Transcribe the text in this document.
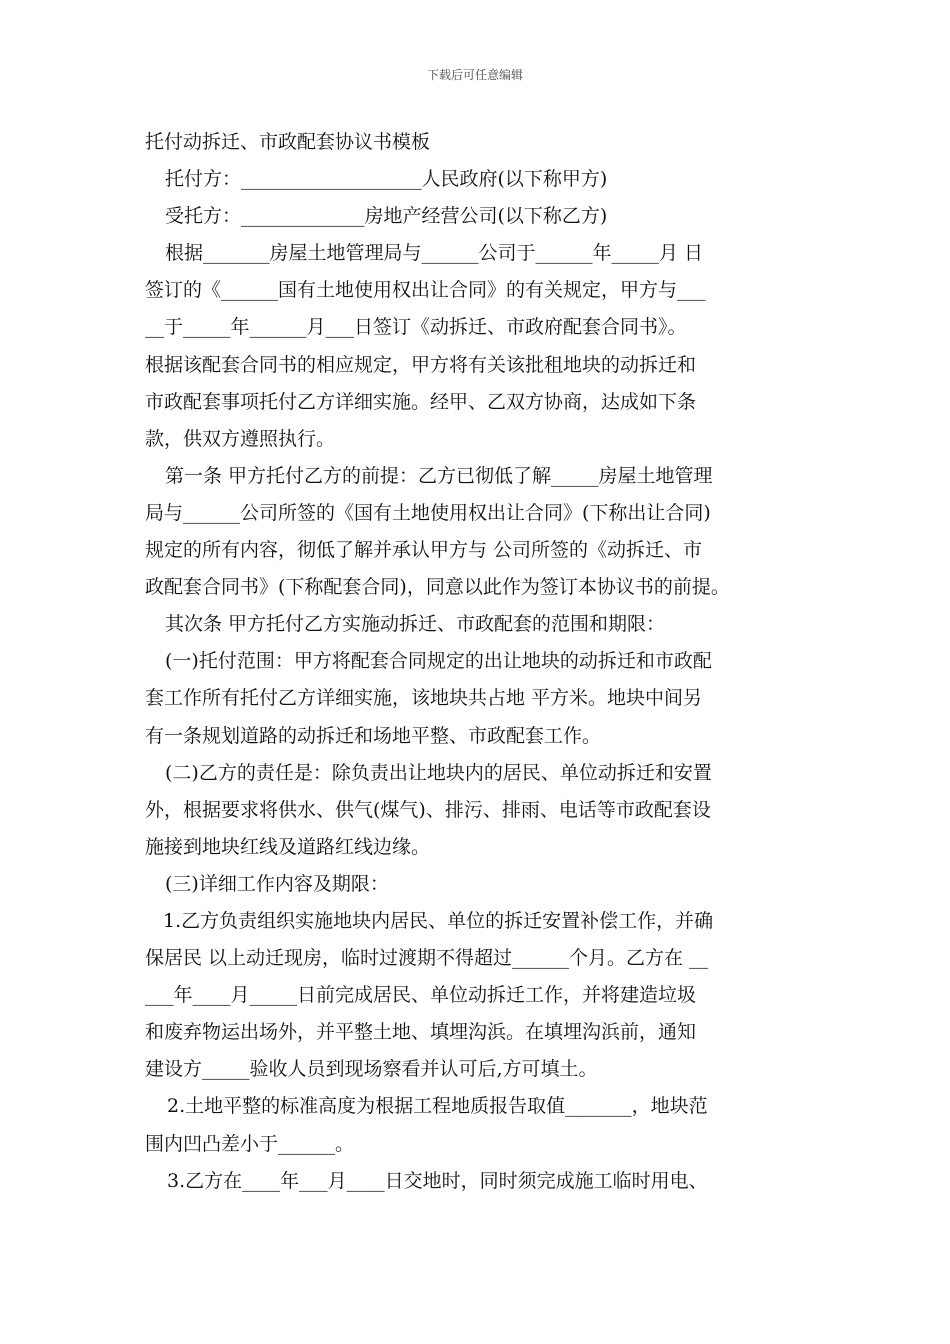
下载后可任意编辑
托付动拆迁、市政配套协议书模板
托付方：___________________人民政府(以下称甲方)
受托方：_____________房地产经营公司(以下称乙方)
根据_______房屋土地管理局与______公司于______年_____月 日
签订的《______国有土地使用权出让合同》的有关规定，甲方与___
__于_____年______月___日签订《动拆迁、市政府配套合同书》。
根据该配套合同书的相应规定，甲方将有关该批租地块的动拆迁和
市政配套事项托付乙方详细实施。经甲、乙双方协商，达成如下条
款，供双方遵照执行。
第一条 甲方托付乙方的前提：乙方已彻低了解_____房屋土地管理
局与______公司所签的《国有土地使用权出让合同》(下称出让合同)
规定的所有内容，彻低了解并承认甲方与 公司所签的《动拆迁、市
政配套合同书》(下称配套合同)，同意以此作为签订本协议书的前提。
其次条 甲方托付乙方实施动拆迁、市政配套的范围和期限：
(一)托付范围：甲方将配套合同规定的出让地块的动拆迁和市政配
套工作所有托付乙方详细实施，该地块共占地 平方米。地块中间另
有一条规划道路的动拆迁和场地平整、市政配套工作。
(二)乙方的责任是：除负责出让地块内的居民、单位动拆迁和安置
外，根据要求将供水、供气(煤气)、排污、排雨、电话等市政配套设
施接到地块红线及道路红线边缘。
(三)详细工作内容及期限：
1.乙方负责组织实施地块内居民、单位的拆迁安置补偿工作，并确
保居民 以上动迁现房，临时过渡期不得超过______个月。乙方在 __
___年____月_____日前完成居民、单位动拆迁工作，并将建造垃圾
和废弃物运出场外，并平整土地、填埋沟浜。在填埋沟浜前，通知
建设方_____验收人员到现场察看并认可后,方可填土。
2.土地平整的标准高度为根据工程地质报告取值_______，地块范
围内凹凸差小于______。
3.乙方在____年___月____日交地时，同时须完成施工临时用电、
